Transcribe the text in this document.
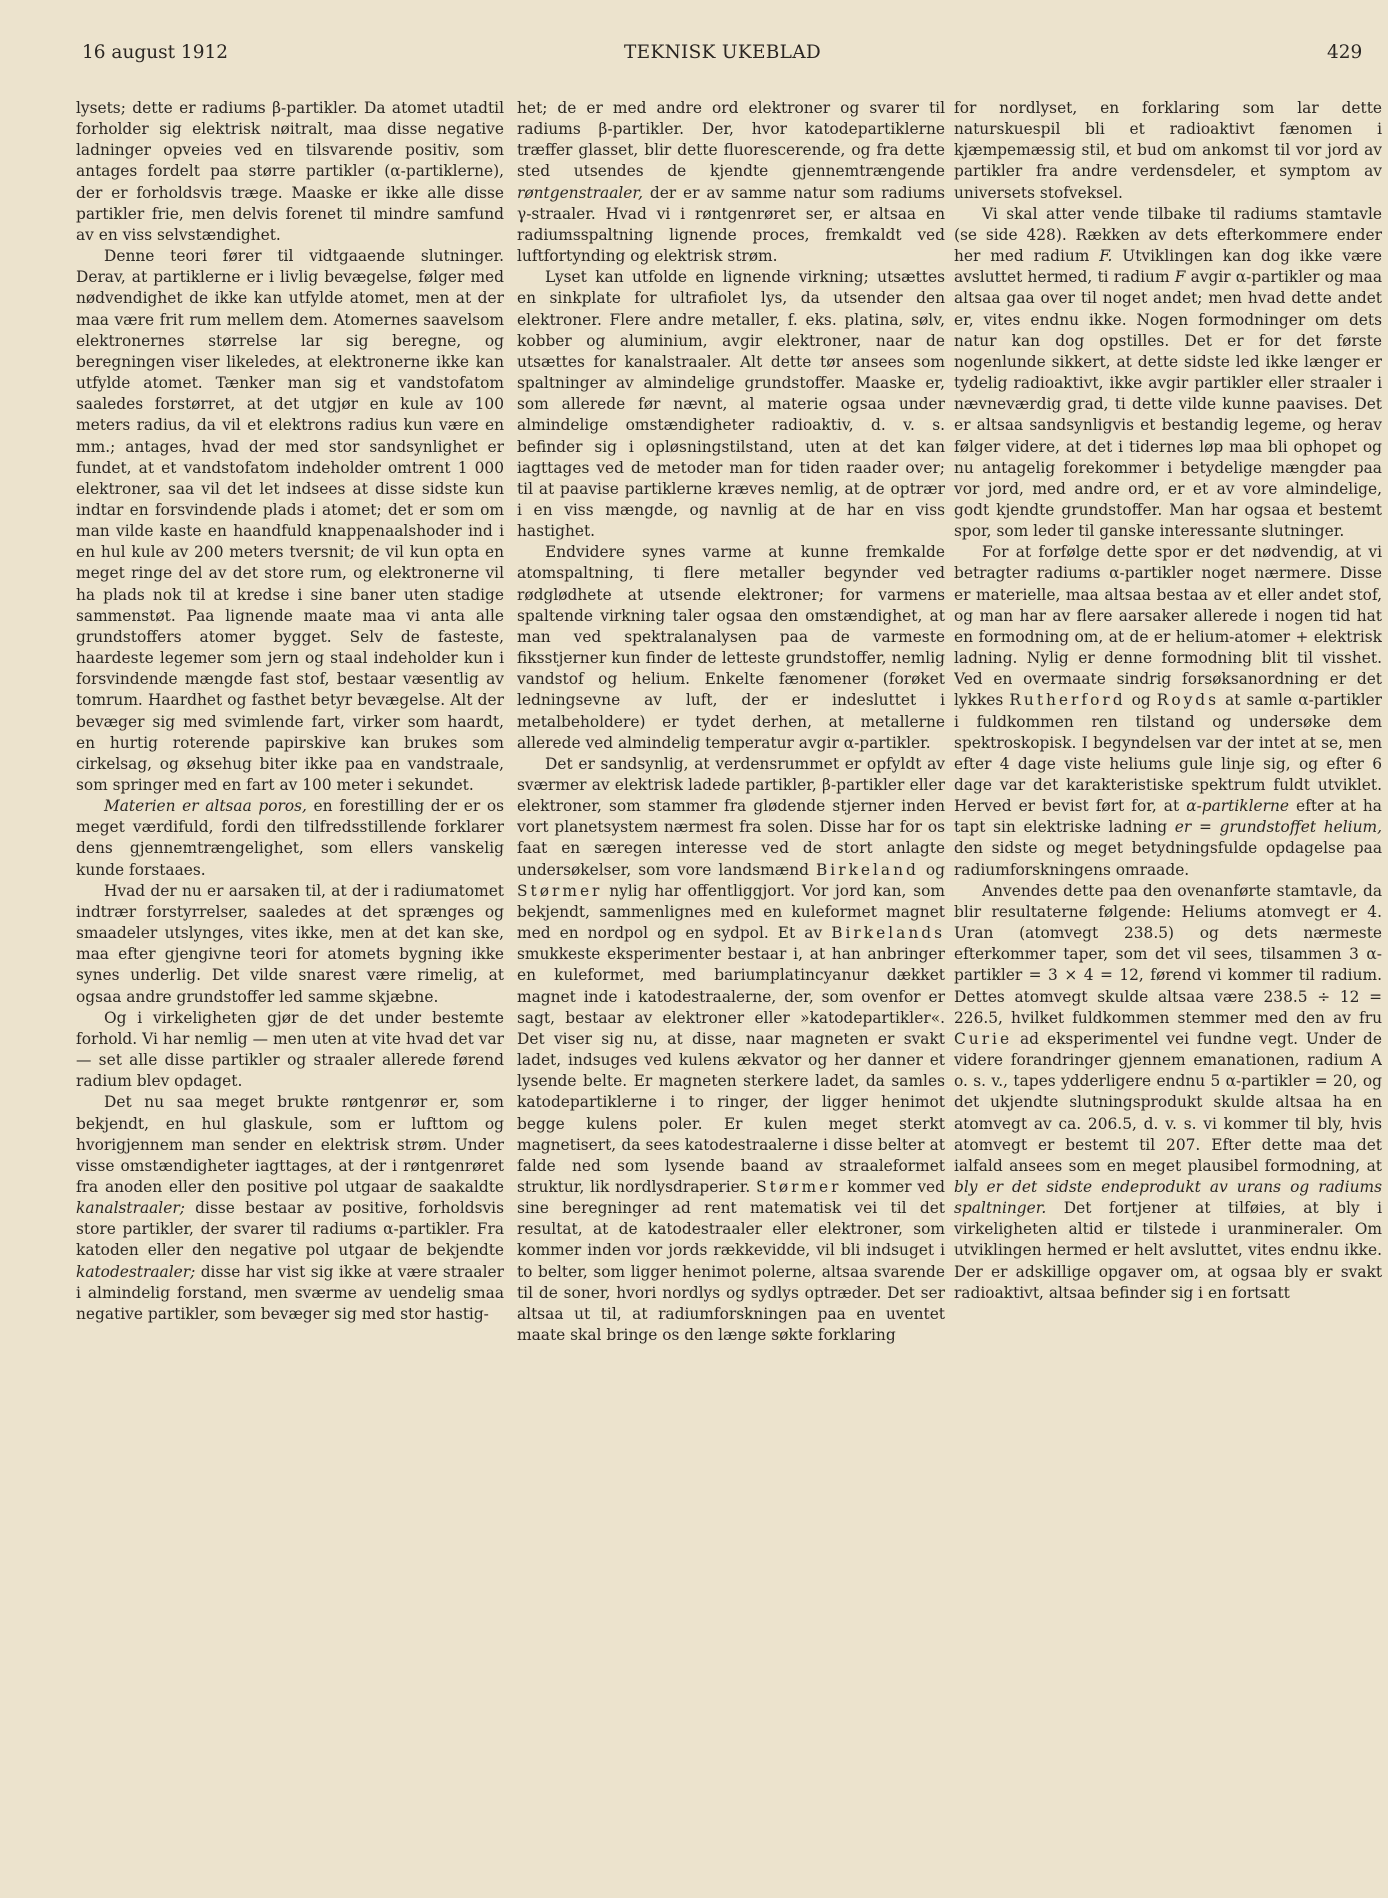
16 august 1912	TEKNISK UKEBLAD	429

lysets; dette er radiums β-partikler. Da atomet utadtil forholder sig elektrisk nøitralt, maa disse negative ladninger opveies ved en tilsvarende positiv, som antages fordelt paa større partikler (α-partiklerne), der er forholdsvis træge. Maaske er ikke alle disse partikler frie, men delvis forenet til mindre samfund av en viss selvstændighet.

Denne teori fører til vidtgaaende slutninger. Derav, at partiklerne er i livlig bevægelse, følger med nødvendighet de ikke kan utfylde atomet, men at der maa være frit rum mellem dem. Atomernes saavelsom elektronernes størrelse lar sig beregne, og beregningen viser likeledes, at elektronerne ikke kan utfylde atomet. Tænker man sig et vandstofatom saaledes forstørret, at det utgjør en kule av 100 meters radius, da vil et elektrons radius kun være en mm.; antages, hvad der med stor sandsynlighet er fundet, at et vandstofatom indeholder omtrent 1 000 elektroner, saa vil det let indsees at disse sidste kun indtar en forsvindende plads i atomet; det er som om man vilde kaste en haandfuld knappenaalshoder ind i en hul kule av 200 meters tversnit; de vil kun opta en meget ringe del av det store rum, og elektronerne vil ha plads nok til at kredse i sine baner uten stadige sammenstøt. Paa lignende maate maa vi anta alle grundstoffers atomer bygget. Selv de fasteste, haardeste legemer som jern og staal indeholder kun i forsvindende mængde fast stof, bestaar væsentlig av tomrum. Haardhet og fasthet betyr bevægelse. Alt der bevæger sig med svimlende fart, virker som haardt, en hurtig roterende papirskive kan brukes som cirkelsag, og øksehug biter ikke paa en vandstraale, som springer med en fart av 100 meter i sekundet.

Materien er altsaa poros, en forestilling der er os meget værdifuld, fordi den tilfredsstillende forklarer dens gjennemtrængelighet, som ellers vanskelig kunde forstaaes.

Hvad der nu er aarsaken til, at der i radiumatomet indtrær forstyrrelser, saaledes at det sprænges og smaadeler utslynges, vites ikke, men at det kan ske, maa efter gjengivne teori for atomets bygning ikke synes underlig. Det vilde snarest være rimelig, at ogsaa andre grundstoffer led samme skjæbne.

Og i virkeligheten gjør de det under bestemte forhold. Vi har nemlig — men uten at vite hvad det var — set alle disse partikler og straaler allerede førend radium blev opdaget.

Det nu saa meget brukte røntgenrør er, som bekjendt, en hul glaskule, som er lufttom og hvorigjennem man sender en elektrisk strøm. Under visse omstændigheter iagttages, at der i røntgenrøret fra anoden eller den positive pol utgaar de saakaldte kanalstraaler; disse bestaar av positive, forholdsvis store partikler, der svarer til radiums α-partikler. Fra katoden eller den negative pol utgaar de bekjendte katodestraaler; disse har vist sig ikke at være straaler i almindelig forstand, men sværme av uendelig smaa negative partikler, som bevæger sig med stor hastig-

het; de er med andre ord elektroner og svarer til radiums β-partikler. Der, hvor katodepartiklerne træffer glasset, blir dette fluorescerende, og fra dette sted utsendes de kjendte gjennemtrængende røntgenstraaler, der er av samme natur som radiums γ-straaler. Hvad vi i røntgenrøret ser, er altsaa en radiumsspaltning lignende proces, fremkaldt ved luftfortynding og elektrisk strøm.

Lyset kan utfolde en lignende virkning; utsættes en sinkplate for ultrafiolet lys, da utsender den elektroner. Flere andre metaller, f. eks. platina, sølv, kobber og aluminium, avgir elektroner, naar de utsættes for kanalstraaler. Alt dette tør ansees som spaltninger av almindelige grundstoffer. Maaske er, som allerede før nævnt, al materie ogsaa under almindelige omstændigheter radioaktiv, d. v. s. befinder sig i opløsningstilstand, uten at det kan iagttages ved de metoder man for tiden raader over; til at paavise partiklerne kræves nemlig, at de optrær i en viss mængde, og navnlig at de har en viss hastighet.

Endvidere synes varme at kunne fremkalde atomspaltning, ti flere metaller begynder ved rødglødhete at utsende elektroner; for varmens spaltende virkning taler ogsaa den omstændighet, at man ved spektralanalysen paa de varmeste fiksstjerner kun finder de letteste grundstoffer, nemlig vandstof og helium. Enkelte fænomener (forøket ledningsevne av luft, der er indesluttet i metalbeholdere) er tydet derhen, at metallerne allerede ved almindelig temperatur avgir α-partikler.

Det er sandsynlig, at verdensrummet er opfyldt av sværmer av elektrisk ladede partikler, β-partikler eller elektroner, som stammer fra glødende stjerner inden vort planetsystem nærmest fra solen. Disse har for os faat en særegen interesse ved de stort anlagte undersøkelser, som vore landsmænd Birkeland og Størmer nylig har offentliggjort. Vor jord kan, som bekjendt, sammenlignes med en kuleformet magnet med en nordpol og en sydpol. Et av Birkelands smukkeste eksperimenter bestaar i, at han anbringer en kuleformet, med bariumplatincyanur dækket magnet inde i katodestraalerne, der, som ovenfor er sagt, bestaar av elektroner eller »katodepartikler«. Det viser sig nu, at disse, naar magneten er svakt ladet, indsuges ved kulens ækvator og her danner et lysende belte. Er magneten sterkere ladet, da samles katodepartiklerne i to ringer, der ligger henimot begge kulens poler. Er kulen meget sterkt magnetisert, da sees katodestraalerne i disse belter at falde ned som lysende baand av straaleformet struktur, lik nordlysdraperier. Størmer kommer ved sine beregninger ad rent matematisk vei til det resultat, at de katodestraaler eller elektroner, som kommer inden vor jords rækkevidde, vil bli indsuget i to belter, som ligger henimot polerne, altsaa svarende til de soner, hvori nordlys og sydlys optræder. Det ser altsaa ut til, at radiumforskningen paa en uventet maate skal bringe os den længe søkte forklaring

for nordlyset, en forklaring som lar dette naturskuespil bli et radioaktivt fænomen i kjæmpemæssig stil, et bud om ankomst til vor jord av partikler fra andre verdensdeler, et symptom av universets stofveksel.

Vi skal atter vende tilbake til radiums stamtavle (se side 428). Rækken av dets efterkommere ender her med radium F. Utviklingen kan dog ikke være avsluttet hermed, ti radium F avgir α-partikler og maa altsaa gaa over til noget andet; men hvad dette andet er, vites endnu ikke. Nogen formodninger om dets natur kan dog opstilles. Det er for det første nogenlunde sikkert, at dette sidste led ikke længer er tydelig radioaktivt, ikke avgir partikler eller straaler i nævneværdig grad, ti dette vilde kunne paavises. Det er altsaa sandsynligvis et bestandig legeme, og herav følger videre, at det i tidernes løp maa bli ophopet og nu antagelig forekommer i betydelige mængder paa vor jord, med andre ord, er et av vore almindelige, godt kjendte grundstoffer. Man har ogsaa et bestemt spor, som leder til ganske interessante slutninger.

For at forfølge dette spor er det nødvendig, at vi betragter radiums α-partikler noget nærmere. Disse er materielle, maa altsaa bestaa av et eller andet stof, og man har av flere aarsaker allerede i nogen tid hat en formodning om, at de er helium-atomer + elektrisk ladning. Nylig er denne formodning blit til visshet. Ved en overmaate sindrig forsøksanordning er det lykkes Rutherford og Royds at samle α-partikler i fuldkommen ren tilstand og undersøke dem spektroskopisk. I begyndelsen var der intet at se, men efter 4 dage viste heliums gule linje sig, og efter 6 dage var det karakteristiske spektrum fuldt utviklet. Herved er bevist ført for, at α-partiklerne efter at ha tapt sin elektriske ladning er = grundstoffet helium, den sidste og meget betydningsfulde opdagelse paa radiumforskningens omraade.

Anvendes dette paa den ovenanførte stamtavle, da blir resultaterne følgende: Heliums atomvegt er 4. Uran (atomvegt 238.5) og dets nærmeste efterkommer taper, som det vil sees, tilsammen 3 α-partikler = 3 × 4 = 12, førend vi kommer til radium. Dettes atomvegt skulde altsaa være 238.5 ÷ 12 = 226.5, hvilket fuldkommen stemmer med den av fru Curie ad eksperimentel vei fundne vegt. Under de videre forandringer gjennem emanationen, radium A o. s. v., tapes ydderligere endnu 5 α-partikler = 20, og det ukjendte slutningsprodukt skulde altsaa ha en atomvegt av ca. 206.5, d. v. s. vi kommer til bly, hvis atomvegt er bestemt til 207. Efter dette maa det ialfald ansees som en meget plausibel formodning, at bly er det sidste endeprodukt av urans og radiums spaltninger. Det fortjener at tilføies, at bly i virkeligheten altid er tilstede i uranmineraler. Om utviklingen hermed er helt avsluttet, vites endnu ikke. Der er adskillige opgaver om, at ogsaa bly er svakt radioaktivt, altsaa befinder sig i en fortsatt
